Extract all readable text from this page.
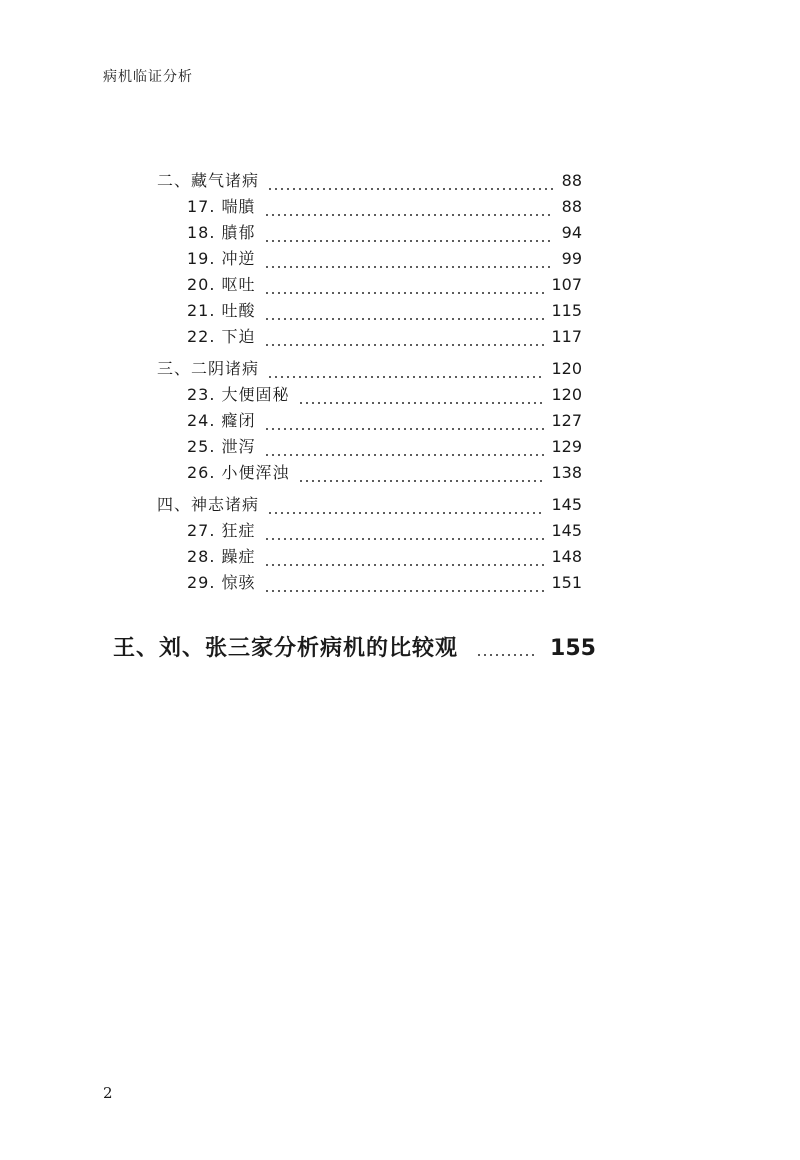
病机临证分析
二、藏气诸病	88
17. 喘膹	88
18. 膹郁	94
19. 冲逆	99
20. 呕吐	107
21. 吐酸	115
22. 下迫	117
三、二阴诸病	120
23. 大便固秘	120
24. 癃闭	127
25. 泄泻	129
26. 小便浑浊	138
四、神志诸病	145
27. 狂症	145
28. 躁症	148
29. 惊骇	151
王、刘、张三家分析病机的比较观	155
2
